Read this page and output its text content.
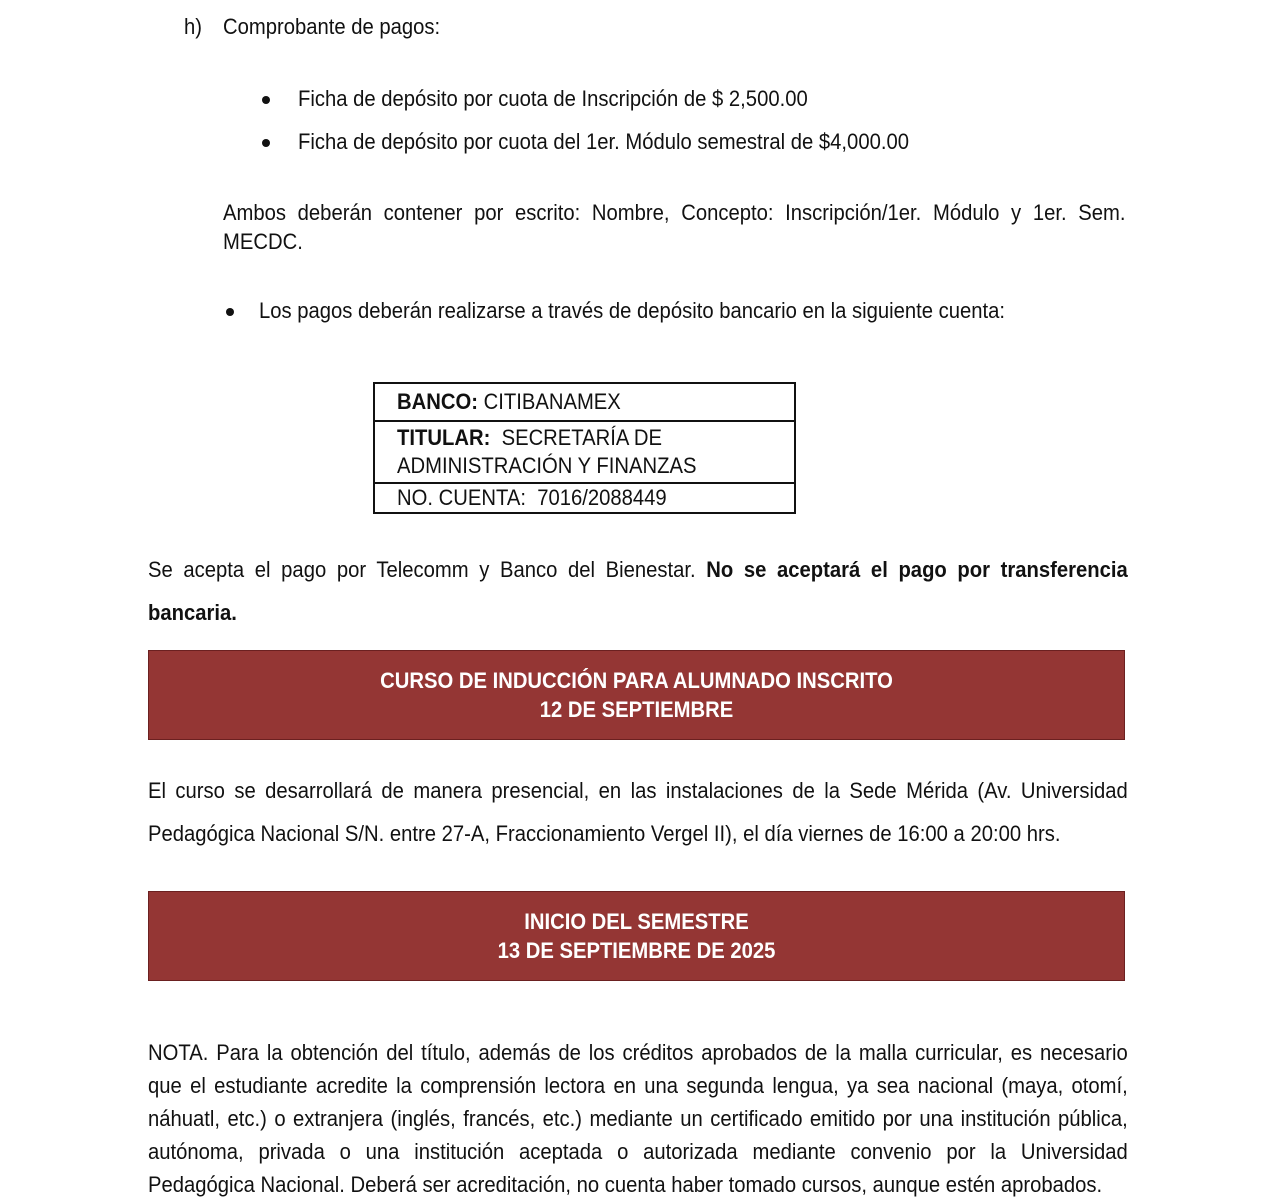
h) Comprobante de pagos:
Ficha de depósito por cuota de Inscripción de $ 2,500.00
Ficha de depósito por cuota del 1er. Módulo semestral de $4,000.00
Ambos deberán contener por escrito: Nombre, Concepto: Inscripción/1er. Módulo y 1er. Sem. MECDC.
Los pagos deberán realizarse a través de depósito bancario en la siguiente cuenta:
BANCO: CITIBANAMEX

TITULAR: SECRETARÍA DE
ADMINISTRACIÓN Y FINANZAS

NO. CUENTA: 7016/2088449
Se acepta el pago por Telecomm y Banco del Bienestar. No se aceptará el pago por transferencia bancaria.
CURSO DE INDUCCIÓN PARA ALUMNADO INSCRITO
12 DE SEPTIEMBRE
El curso se desarrollará de manera presencial, en las instalaciones de la Sede Mérida (Av. Universidad Pedagógica Nacional S/N. entre 27-A, Fraccionamiento Vergel II), el día viernes de 16:00 a 20:00 hrs.
INICIO DEL SEMESTRE
13 DE SEPTIEMBRE DE 2025
NOTA. Para la obtención del título, además de los créditos aprobados de la malla curricular, es necesario que el estudiante acredite la comprensión lectora en una segunda lengua, ya sea nacional (maya, otomí, náhuatl, etc.) o extranjera (inglés, francés, etc.) mediante un certificado emitido por una institución pública, autónoma, privada o una institución aceptada o autorizada mediante convenio por la Universidad Pedagógica Nacional. Deberá ser acreditación, no cuenta haber tomado cursos, aunque estén aprobados.
